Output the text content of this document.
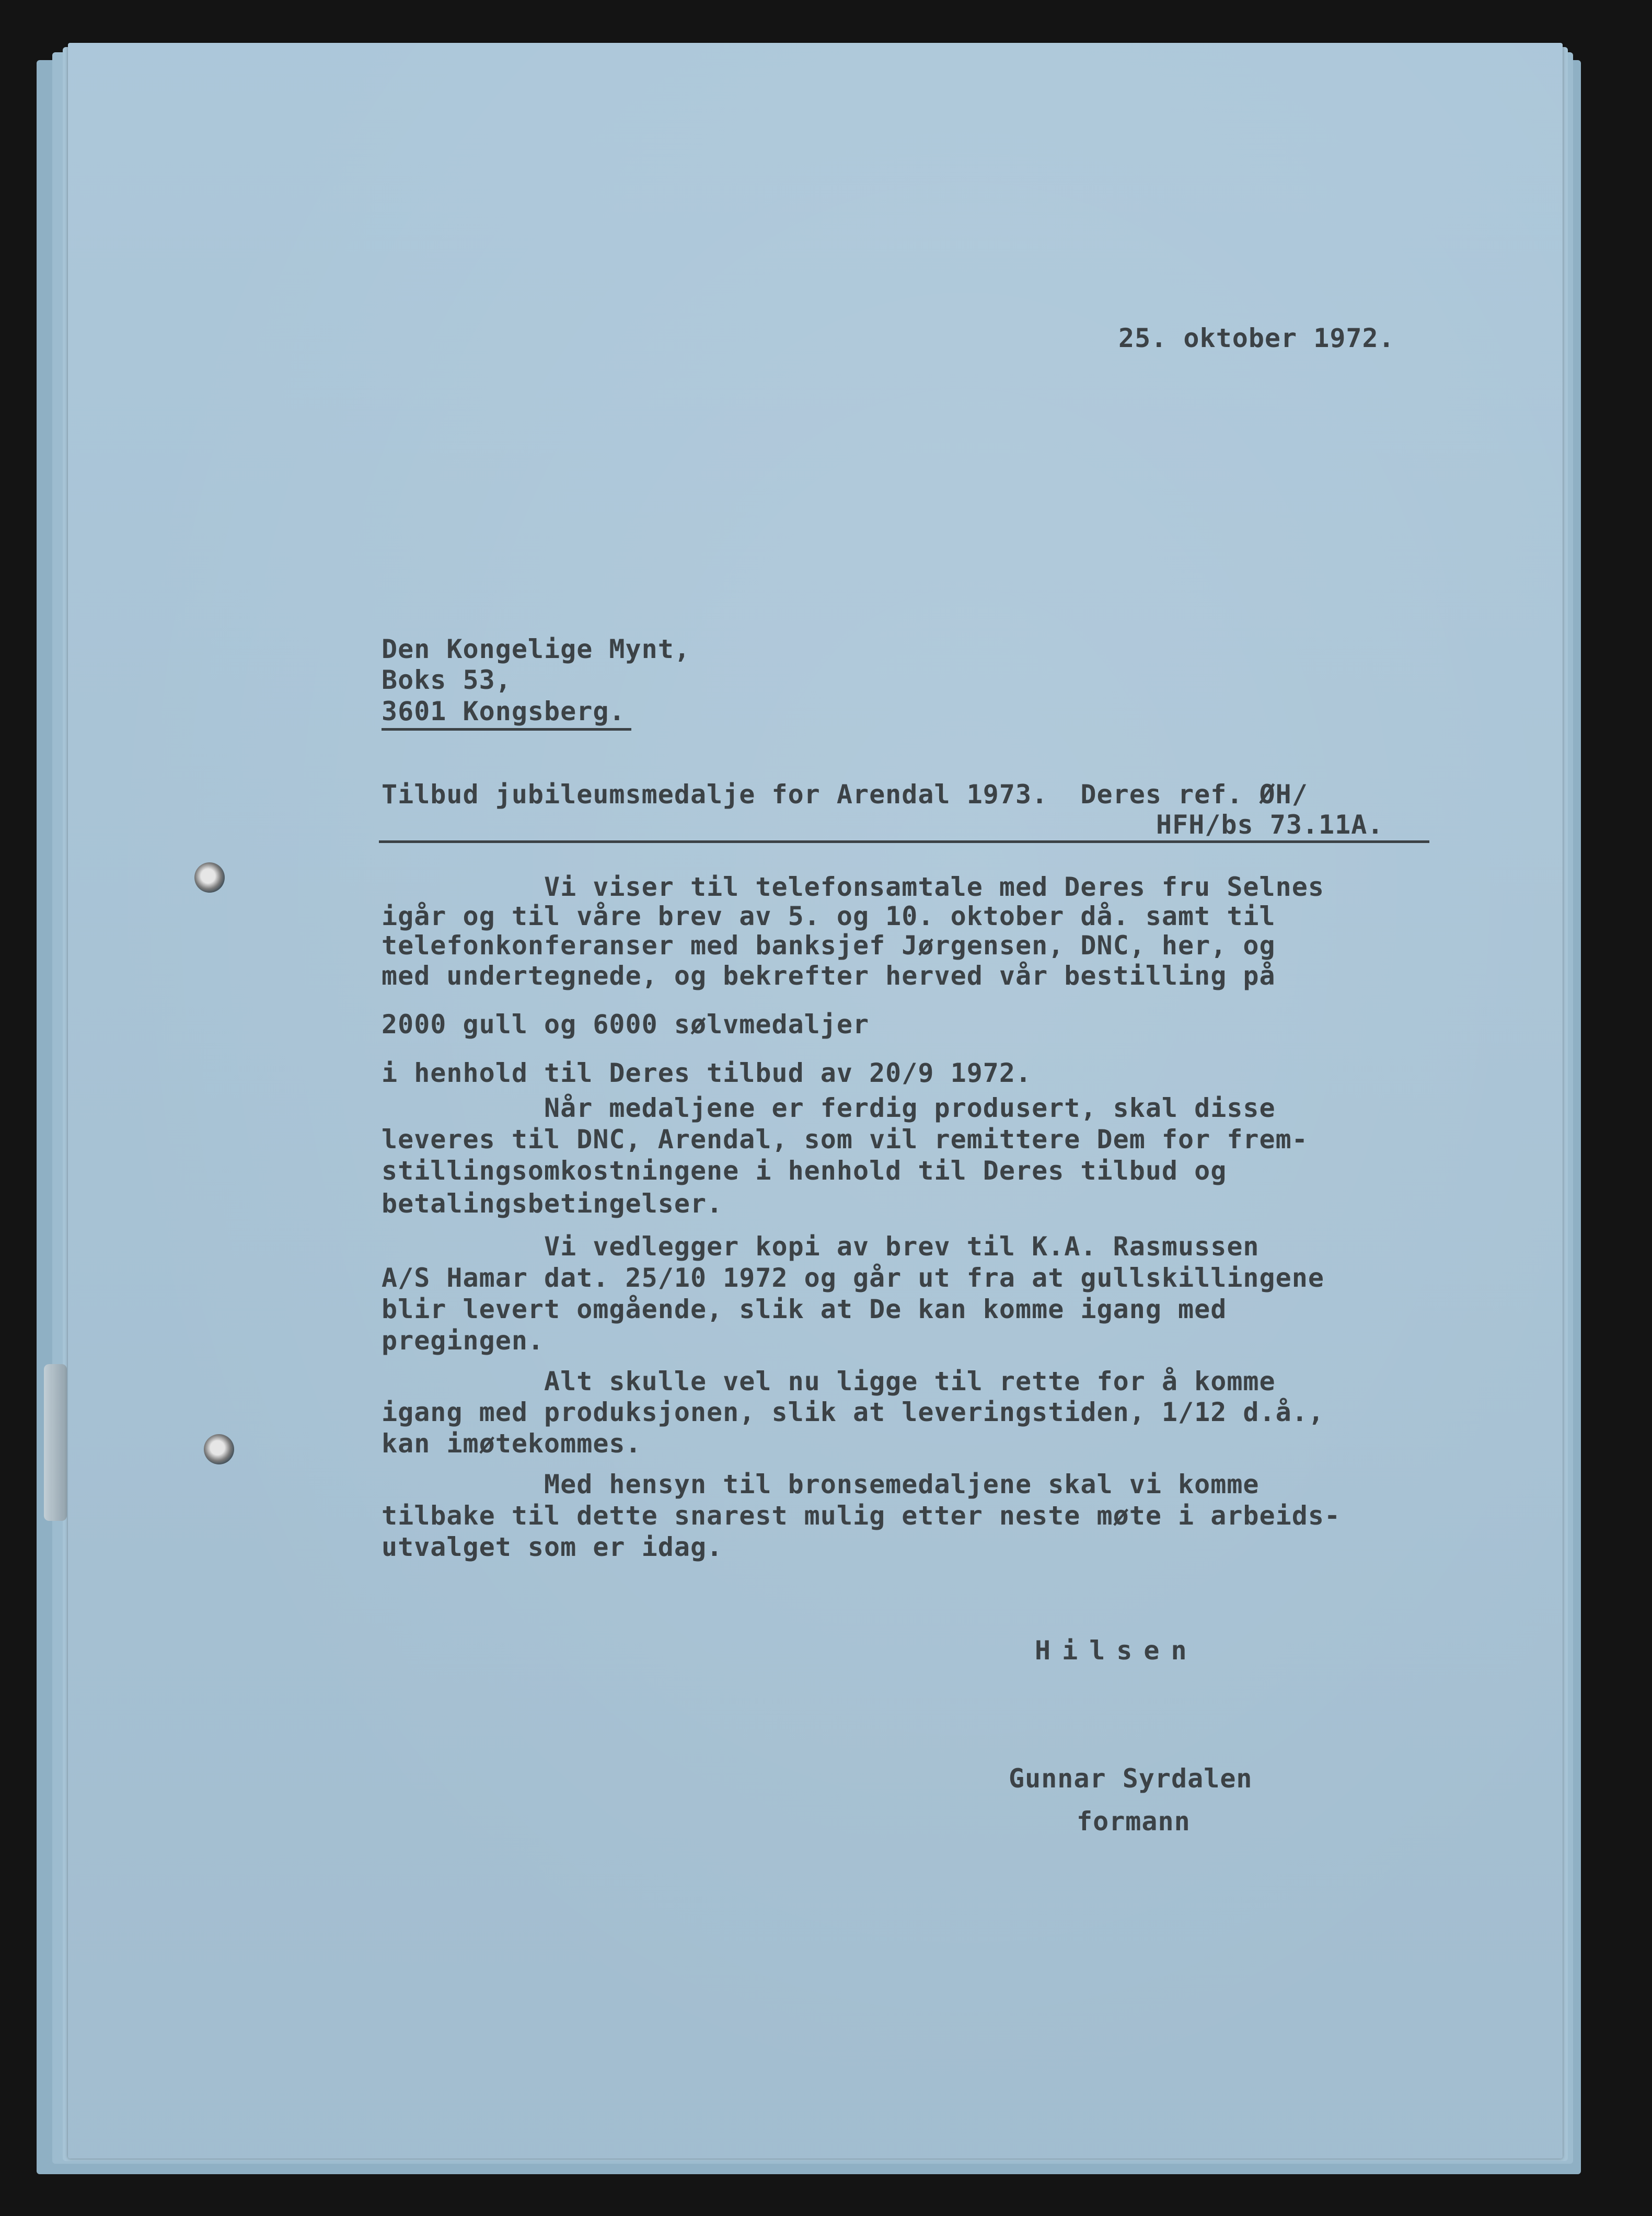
25. oktober 1972.
Den Kongelige Mynt,
Boks 53,
3601 Kongsberg.
Tilbud jubileumsmedalje for Arendal 1973.  Deres ref. ØH/
HFH/bs 73.11A.
Vi viser til telefonsamtale med Deres fru Selnes
igår og til våre brev av 5. og 10. oktober då. samt til
telefonkonferanser med banksjef Jørgensen, DNC, her, og
med undertegnede, og bekrefter herved vår bestilling på
2000 gull og 6000 sølvmedaljer
i henhold til Deres tilbud av 20/9 1972.
Når medaljene er ferdig produsert, skal disse
leveres til DNC, Arendal, som vil remittere Dem for frem-
stillingsomkostningene i henhold til Deres tilbud og
betalingsbetingelser.
Vi vedlegger kopi av brev til K.A. Rasmussen
A/S Hamar dat. 25/10 1972 og går ut fra at gullskillingene
blir levert omgående, slik at De kan komme igang med
pregingen.
Alt skulle vel nu ligge til rette for å komme
igang med produksjonen, slik at leveringstiden, 1/12 d.å.,
kan imøtekommes.
Med hensyn til bronsemedaljene skal vi komme
tilbake til dette snarest mulig etter neste møte i arbeids-
utvalget som er idag.
Hilsen
Gunnar Syrdalen
formann
